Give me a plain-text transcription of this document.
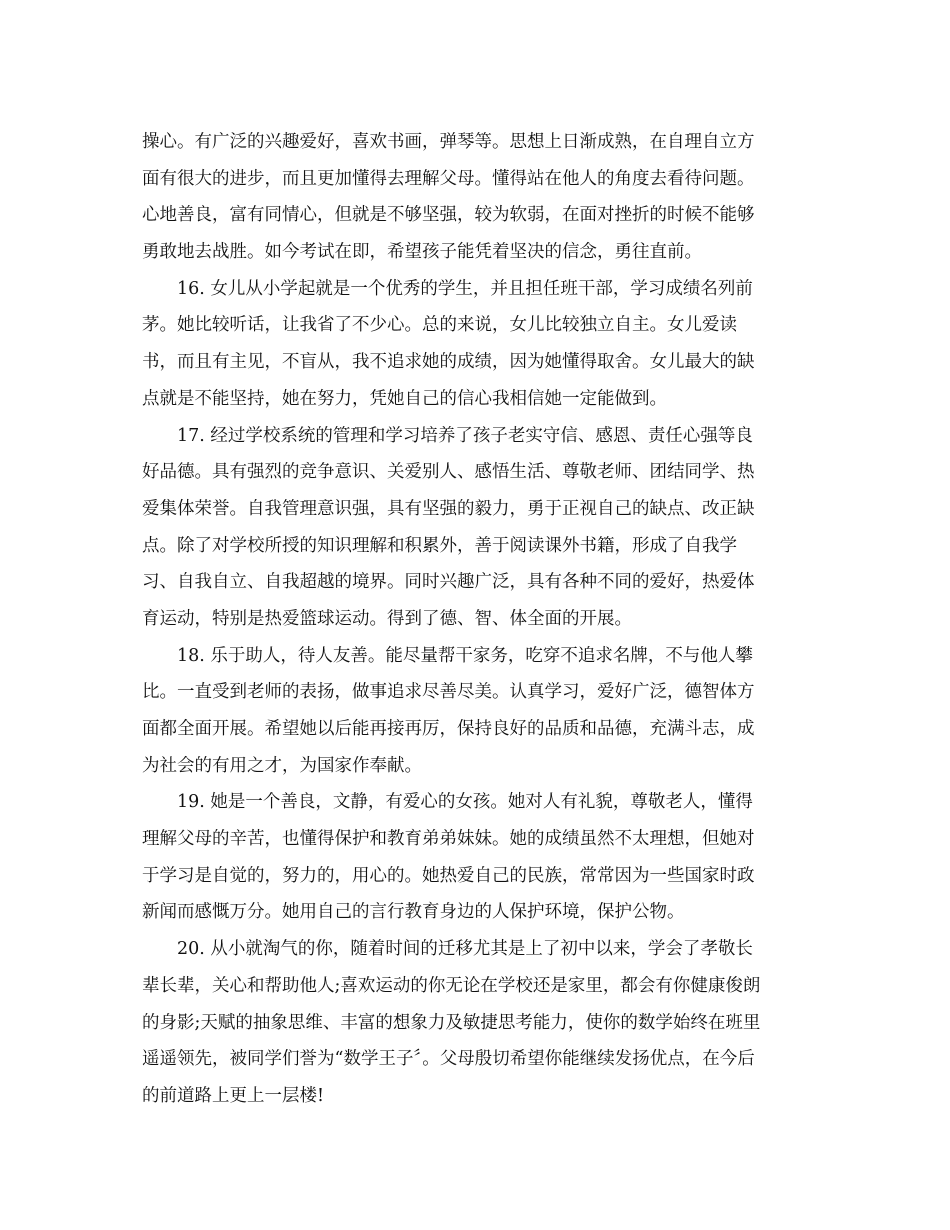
操心。有广泛的兴趣爱好，喜欢书画，弹琴等。思想上日渐成熟，在自理自立方
面有很大的进步，而且更加懂得去理解父母。懂得站在他人的角度去看待问题。
心地善良，富有同情心，但就是不够坚强，较为软弱，在面对挫折的时候不能够
勇敢地去战胜。如今考试在即，希望孩子能凭着坚决的信念，勇往直前。
16. 女儿从小学起就是一个优秀的学生，并且担任班干部，学习成绩名列前
茅。她比较听话，让我省了不少心。总的来说，女儿比较独立自主。女儿爱读
书，而且有主见，不盲从，我不追求她的成绩，因为她懂得取舍。女儿最大的缺
点就是不能坚持，她在努力，凭她自己的信心我相信她一定能做到。
17. 经过学校系统的管理和学习培养了孩子老实守信、感恩、责任心强等良
好品德。具有强烈的竞争意识、关爱别人、感悟生活、尊敬老师、团结同学、热
爱集体荣誉。自我管理意识强，具有坚强的毅力，勇于正视自己的缺点、改正缺
点。除了对学校所授的知识理解和积累外，善于阅读课外书籍，形成了自我学
习、自我自立、自我超越的境界。同时兴趣广泛，具有各种不同的爱好，热爱体
育运动，特别是热爱篮球运动。得到了德、智、体全面的开展。
18. 乐于助人，待人友善。能尽量帮干家务，吃穿不追求名牌，不与他人攀
比。一直受到老师的表扬，做事追求尽善尽美。认真学习，爱好广泛，德智体方
面都全面开展。希望她以后能再接再厉，保持良好的品质和品德，充满斗志，成
为社会的有用之才，为国家作奉献。
19. 她是一个善良，文静，有爱心的女孩。她对人有礼貌，尊敬老人，懂得
理解父母的辛苦，也懂得保护和教育弟弟妹妹。她的成绩虽然不太理想，但她对
于学习是自觉的，努力的，用心的。她热爱自己的民族，常常因为一些国家时政
新闻而感慨万分。她用自己的言行教育身边的人保护环境，保护公物。
20. 从小就淘气的你，随着时间的迁移尤其是上了初中以来，学会了孝敬长
辈长辈，关心和帮助他人;喜欢运动的你无论在学校还是家里，都会有你健康俊朗
的身影;天赋的抽象思维、丰富的想象力及敏捷思考能力，使你的数学始终在班里
遥遥领先，被同学们誉为“数学王子〞。父母殷切希望你能继续发扬优点，在今后
的前道路上更上一层楼!
